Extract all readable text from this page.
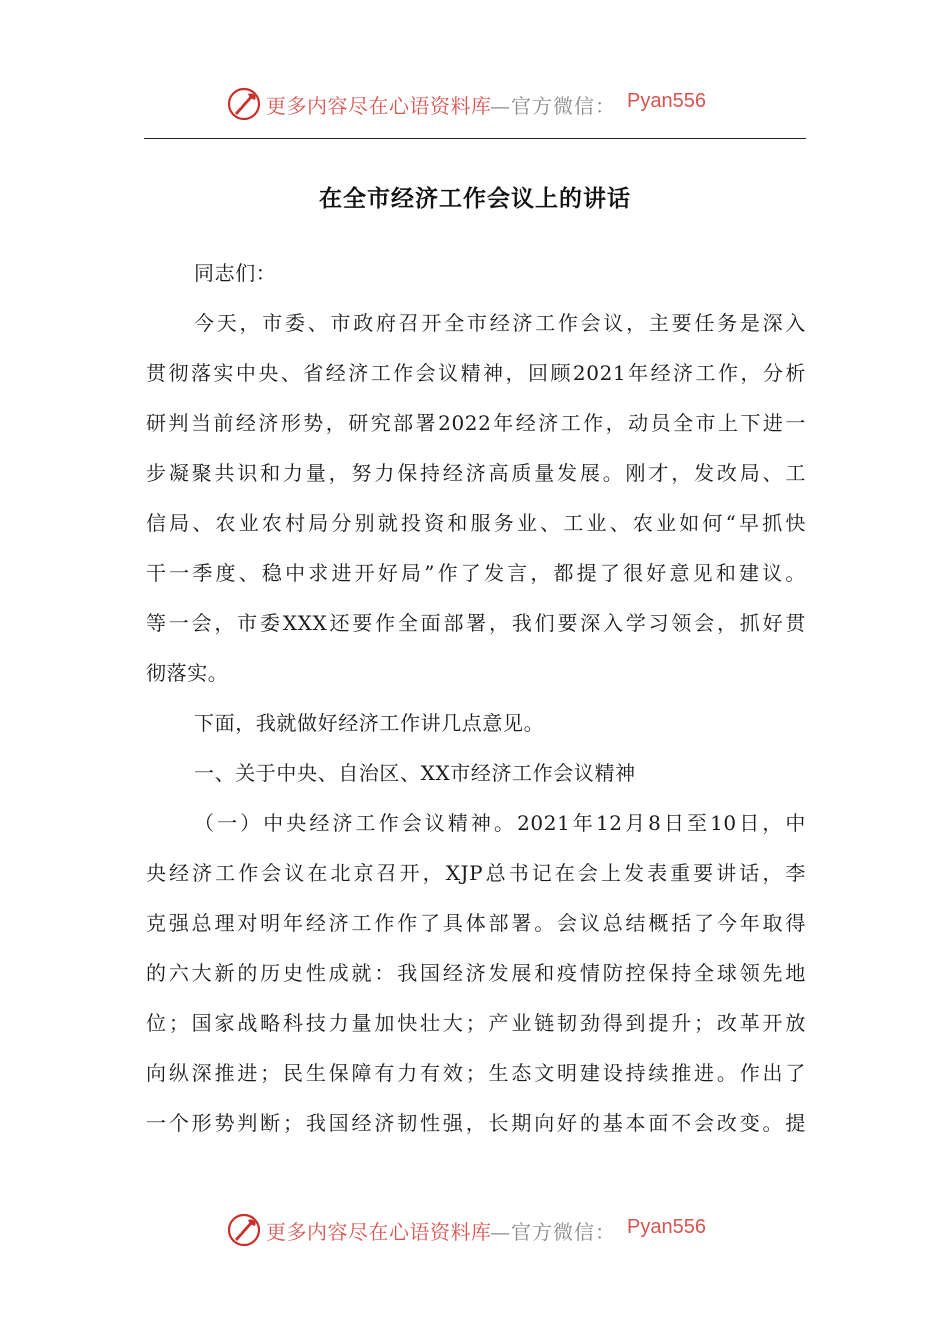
更多内容尽在心语资料库
—官方微信： Pyan556
在全市经济工作会议上的讲话
同志们：
今天，市委、市政府召开全市经济工作会议，主要任务是深入
贯彻落实中央、省经济工作会议精神，回顾2021年经济工作，分析
研判当前经济形势，研究部署2022年经济工作，动员全市上下进一
步凝聚共识和力量，努力保持经济高质量发展。刚才，发改局、工
信局、农业农村局分别就投资和服务业、工业、农业如何“早抓快
干一季度、稳中求进开好局”作了发言，都提了很好意见和建议。
等一会，市委XXX还要作全面部署，我们要深入学习领会，抓好贯
彻落实。
下面，我就做好经济工作讲几点意见。
一、关于中央、自治区、XX市经济工作会议精神
（一）中央经济工作会议精神。2021年12月8日至10日，中
央经济工作会议在北京召开，XJP总书记在会上发表重要讲话，李
克强总理对明年经济工作作了具体部署。会议总结概括了今年取得
的六大新的历史性成就：我国经济发展和疫情防控保持全球领先地
位；国家战略科技力量加快壮大；产业链韧劲得到提升；改革开放
向纵深推进；民生保障有力有效；生态文明建设持续推进。作出了
一个形势判断；我国经济韧性强，长期向好的基本面不会改变。提
更多内容尽在心语资料库
—官方微信： Pyan556
